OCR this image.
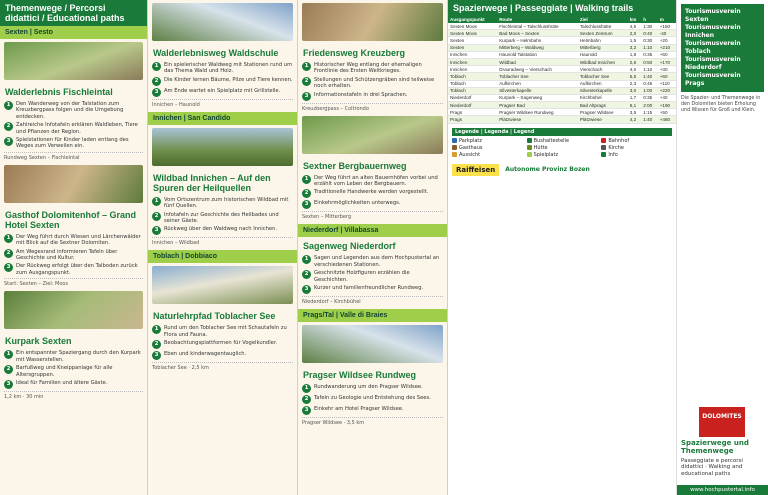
Themenwege / Percorsi didattici / Educational paths
Sexten | Sesto
Walderlebnis Fischleintal
1	Den Wanderweg von der Talstation zum Kreuzbergpass folgen und die Umgebung entdecken.
2	Zahlreiche Infotafeln erklären Waldleben, Tiere und Pflanzen der Region.
3	Spielstationen für Kinder laden entlang des Weges zum Verweilen ein.
Rundweg Sexten – Fischleintal
Gasthof Dolomitenhof – Grand Hotel Sexten
1	Der Weg führt durch Wiesen und Lärchenwälder mit Blick auf die Sextner Dolomiten.
2	Am Wegesrand informieren Tafeln über Geschichte und Kultur.
3	Der Rückweg erfolgt über den Talboden zurück zum Ausgangspunkt.
Start: Sexten – Ziel: Moos
Kurpark Sexten
1	Ein entspannter Spaziergang durch den Kurpark mit Wasserstellen.
2	Barfußweg und Kneippanlage für alle Altersgruppen.
3	Ideal für Familien und ältere Gäste.
1,2 km · 30 min
Walderlebnisweg Waldschule
1	Ein spielerischer Waldweg mit Stationen rund um das Thema Wald und Holz.
2	Die Kinder lernen Bäume, Pilze und Tiere kennen.
3	Am Ende wartet ein Spielplatz mit Grillstelle.
Innichen – Haunold
Innichen | San Candido
Wildbad Innichen – Auf den Spuren der Heilquellen
1	Vom Ortszentrum zum historischen Wildbad mit fünf Quellen.
2	Infotafeln zur Geschichte des Heilbades und seiner Gäste.
3	Rückweg über den Waldweg nach Innichen.
Innichen – Wildbad
Toblach | Dobbiaco
Naturlehrpfad Toblacher See
1	Rund um den Toblacher See mit Schautafeln zu Flora und Fauna.
2	Beobachtungsplattformen für Vogelkundler.
3	Eben und kinderwagentauglich.
Toblacher See · 2,5 km
Friedensweg Kreuzberg
1	Historischer Weg entlang der ehemaligen Frontlinie des Ersten Weltkrieges.
2	Stellungen und Schützengräben sind teilweise noch erhalten.
3	Informationstafeln in drei Sprachen.
Kreuzbergpass – Coltrondo
Sextner Bergbauernweg
1	Der Weg führt an alten Bauernhöfen vorbei und erzählt vom Leben der Bergbauern.
2	Traditionelle Handwerke werden vorgestellt.
3	Einkehrmöglichkeiten unterwegs.
Sexten – Mitterberg
Niederdorf | Villabassa
Sagenweg Niederdorf
1	Sagen und Legenden aus dem Hochpustertal an verschiedenen Stationen.
2	Geschnitzte Holzfiguren erzählen die Geschichten.
3	Kurzer und familienfreundlicher Rundweg.
Niederdorf – Kirchbühel
Prags/Tal | Valle di Braies
Pragser Wildsee Rundweg
1	Rundwanderung um den Pragser Wildsee.
2	Tafeln zu Geologie und Entstehung des Sees.
3	Einkehr am Hotel Pragser Wildsee.
Pragser Wildsee · 3,5 km
Spazierwege | Passeggiate | Walking trails
Ausgangspunkt	Route	Ziel	km	h	m
Sexten Moos	Fischleintal – Talschlusshütte	Talschlusshütte	4,5	1:30	+150
Sexten Moos	Bad Moos – Sexten	Sexten Zentrum	2,0	0:40	-40
Sexten	Kurpark – Helmbahn	Helmbahn	1,5	0:30	+20
Sexten	Mitterberg – Waldweg	Mitterberg	3,2	1:10	+210
Innichen	Haunold Talstation	Haunold	1,8	0:35	+60
Innichen	Wildbad	Wildbad Innichen	2,6	0:50	+170
Innichen	Drauradweg – Vierschach	Vierschach	4,0	1:10	+30
Toblach	Toblacher See	Toblacher See	5,5	1:40	+60
Toblach	Aufkirchen	Aufkirchen	2,3	0:45	+110
Toblach	Silvesterkapelle	Silvesterkapelle	3,0	1:00	+220
Niederdorf	Kurpark – Sagenweg	Kirchbühel	1,7	0:35	+40
Niederdorf	Pragser Bad	Bad Altprags	6,1	2:00	+190
Prags	Pragser Wildsee Rundweg	Pragser Wildsee	3,5	1:15	+50
Prags	Plätzwiese	Plätzwiese	4,2	1:40	+480
Legende | Legenda | Legend
Parkplatz	Bushaltestelle	Bahnhof
Gasthaus	Hütte	Kirche
Aussicht	Spielplatz	Info
Raiffeisen	Autonome Provinz Bozen
Tourismusverein Sexten
Tourismusverein Innichen
Tourismusverein Toblach
Tourismusverein Niederdorf
Tourismusverein Prags
Die Spazier- und Themenwege in den Dolomiten bieten Erholung und Wissen für Groß und Klein.
DOLOMITES
Spazierwege und Themenwege
Passeggiate e percorsi didattici · Walking and educational paths
www.hochpustertal.info
